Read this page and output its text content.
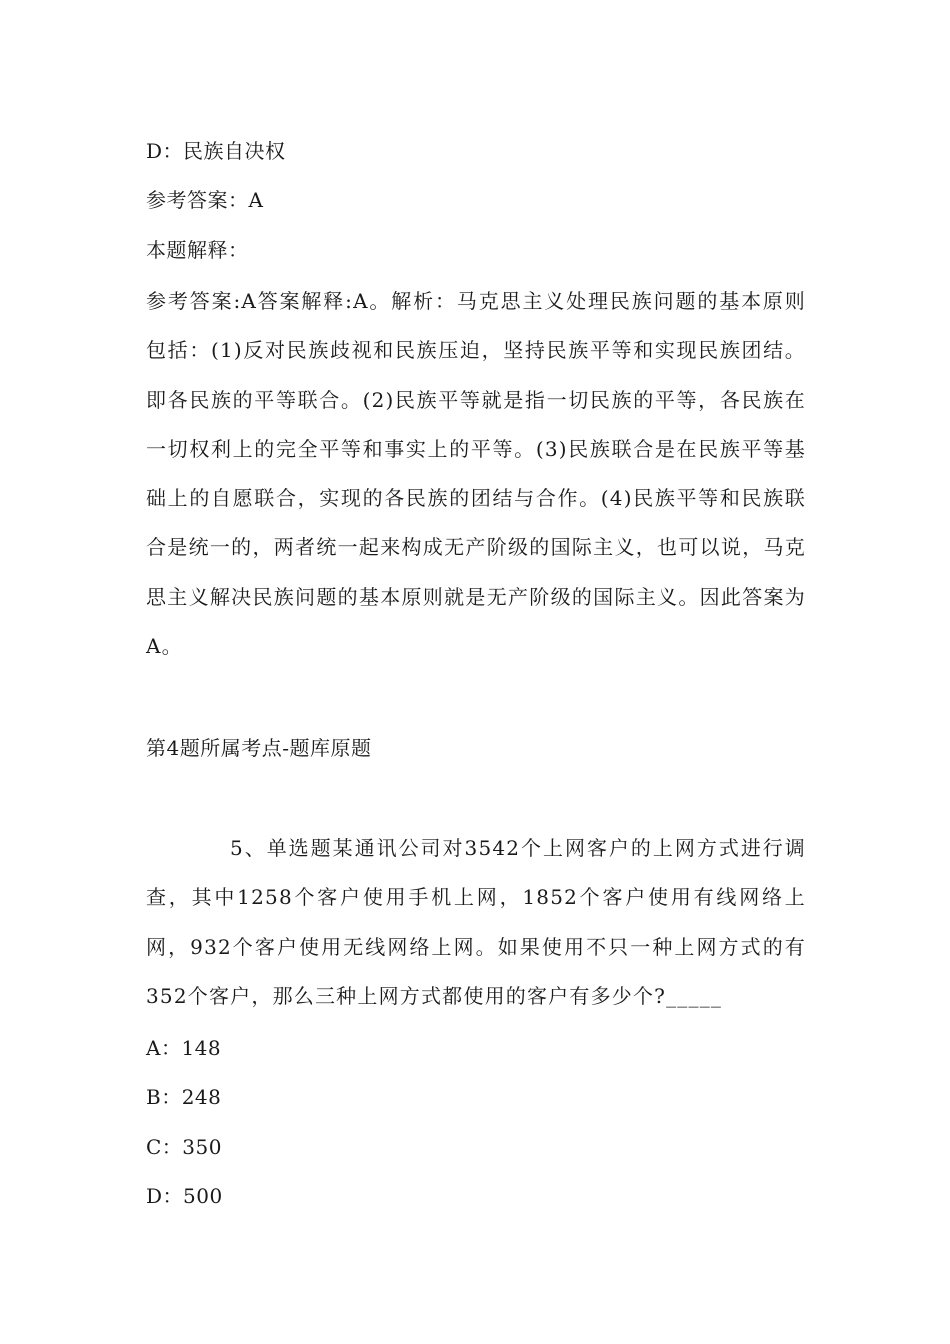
D：民族自决权
参考答案：A
本题解释：
参考答案:A答案解释:A。解析：马克思主义处理民族问题的基本原则包括：(1)反对民族歧视和民族压迫，坚持民族平等和实现民族团结。即各民族的平等联合。(2)民族平等就是指一切民族的平等，各民族在一切权利上的完全平等和事实上的平等。(3)民族联合是在民族平等基础上的自愿联合，实现的各民族的团结与合作。(4)民族平等和民族联合是统一的，两者统一起来构成无产阶级的国际主义，也可以说，马克思主义解决民族问题的基本原则就是无产阶级的国际主义。因此答案为A。
第4题所属考点-题库原题
5、单选题某通讯公司对3542个上网客户的上网方式进行调查，其中1258个客户使用手机上网，1852个客户使用有线网络上网，932个客户使用无线网络上网。如果使用不只一种上网方式的有352个客户，那么三种上网方式都使用的客户有多少个?_____
A：148
B：248
C：350
D：500
